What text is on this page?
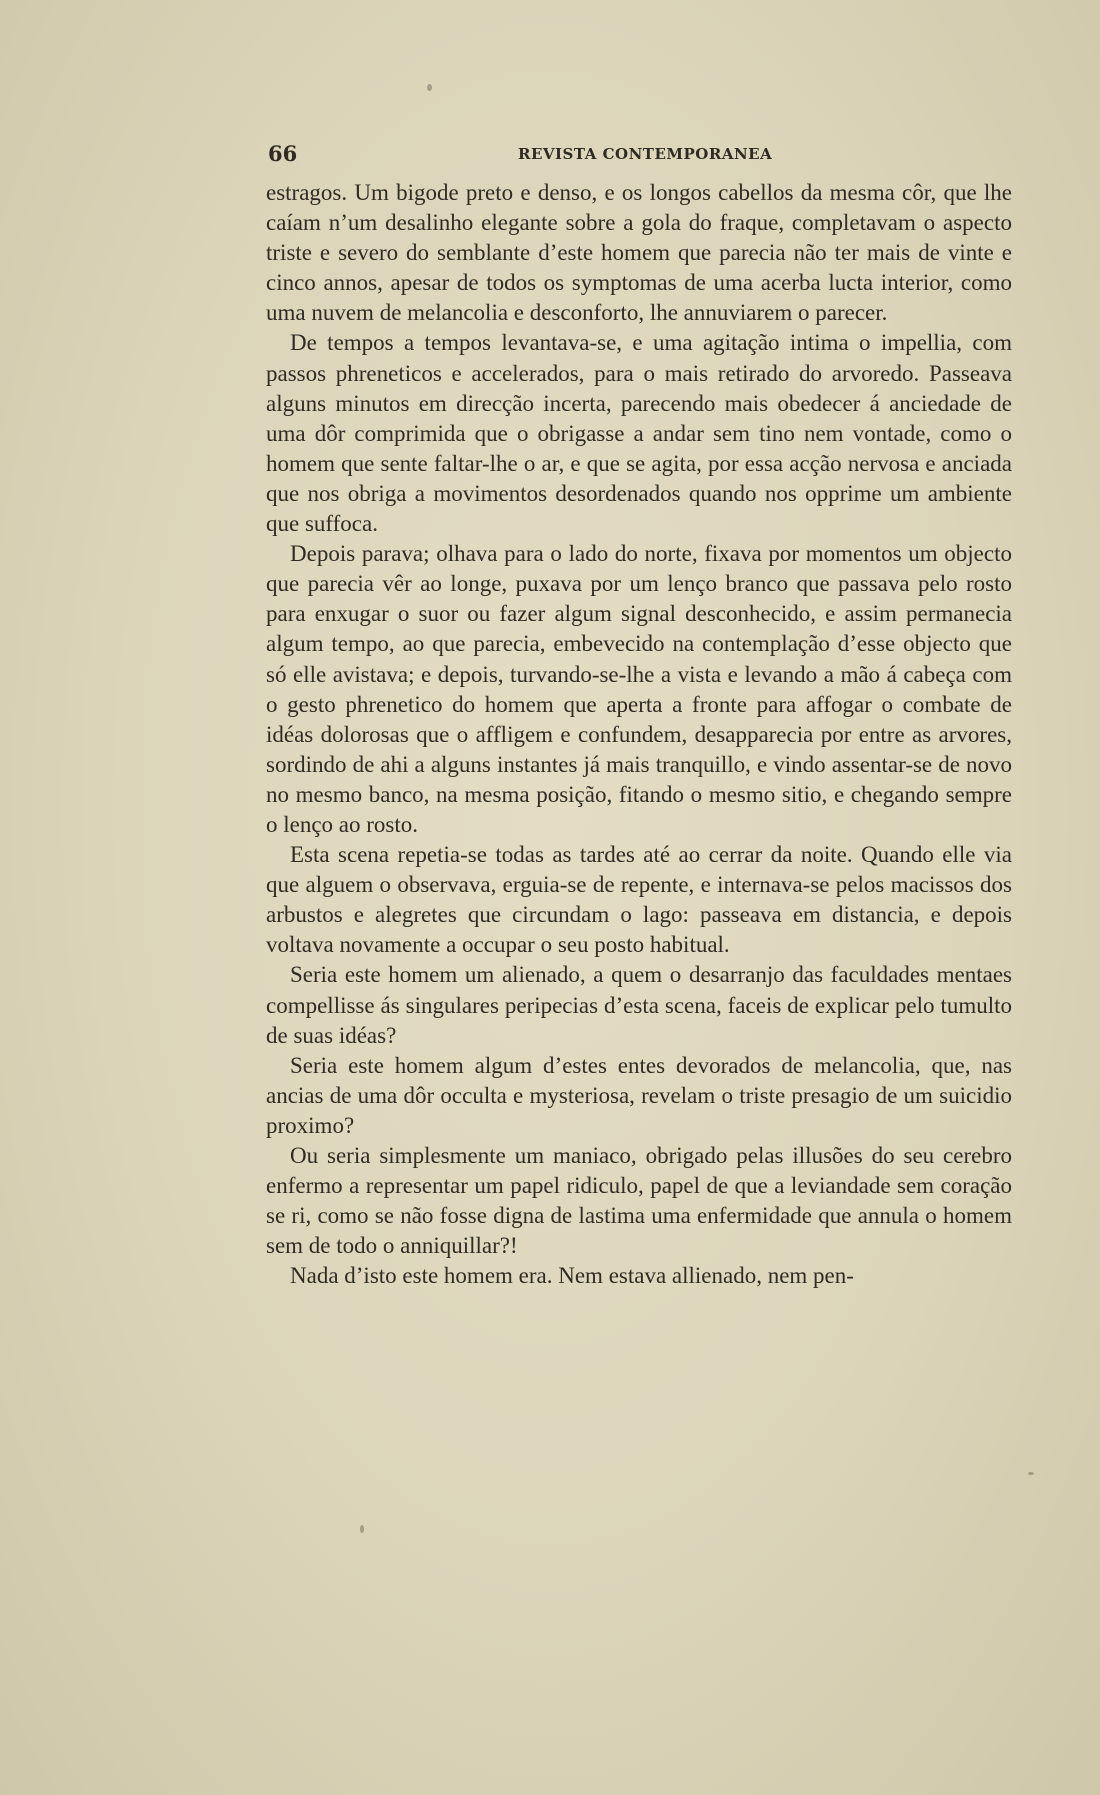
66	REVISTA CONTEMPORANEA

estragos. Um bigode preto e denso, e os longos cabellos da mesma côr, que lhe caíam n’um desalinho elegante sobre a gola do fraque, completavam o aspecto triste e severo do semblante d’este homem que parecia não ter mais de vinte e cinco annos, apesar de todos os symptomas de uma acerba lucta interior, como uma nuvem de melancolia e desconforto, lhe annuviarem o parecer.

De tempos a tempos levantava-se, e uma agitação intima o impellia, com passos phreneticos e accelerados, para o mais retirado do arvoredo. Passeava alguns minutos em direcção incerta, parecendo mais obedecer á anciedade de uma dôr comprimida que o obrigasse a andar sem tino nem vontade, como o homem que sente faltar-lhe o ar, e que se agita, por essa acção nervosa e anciada que nos obriga a movimentos desordenados quando nos opprime um ambiente que suffoca.

Depois parava; olhava para o lado do norte, fixava por momentos um objecto que parecia vêr ao longe, puxava por um lenço branco que passava pelo rosto para enxugar o suor ou fazer algum signal desconhecido, e assim permanecia algum tempo, ao que parecia, embevecido na contemplação d’esse objecto que só elle avistava; e depois, turvando-se-lhe a vista e levando a mão á cabeça com o gesto phrenetico do homem que aperta a fronte para affogar o combate de idéas dolorosas que o affligem e confundem, desapparecia por entre as arvores, sordindo de ahi a alguns instantes já mais tranquillo, e vindo assentar-se de novo no mesmo banco, na mesma posição, fitando o mesmo sitio, e chegando sempre o lenço ao rosto.

Esta scena repetia-se todas as tardes até ao cerrar da noite. Quando elle via que alguem o observava, erguia-se de repente, e internava-se pelos macissos dos arbustos e alegretes que circundam o lago: passeava em distancia, e depois voltava novamente a occupar o seu posto habitual.

Seria este homem um alienado, a quem o desarranjo das faculdades mentaes compellisse ás singulares peripecias d’esta scena, faceis de explicar pelo tumulto de suas idéas?

Seria este homem algum d’estes entes devorados de melancolia, que, nas ancias de uma dôr occulta e mysteriosa, revelam o triste presagio de um suicidio proximo?

Ou seria simplesmente um maniaco, obrigado pelas illusões do seu cerebro enfermo a representar um papel ridiculo, papel de que a leviandade sem coração se ri, como se não fosse digna de lastima uma enfermidade que annula o homem sem de todo o anniquillar?!

Nada d’isto este homem era. Nem estava allienado, nem pen-
